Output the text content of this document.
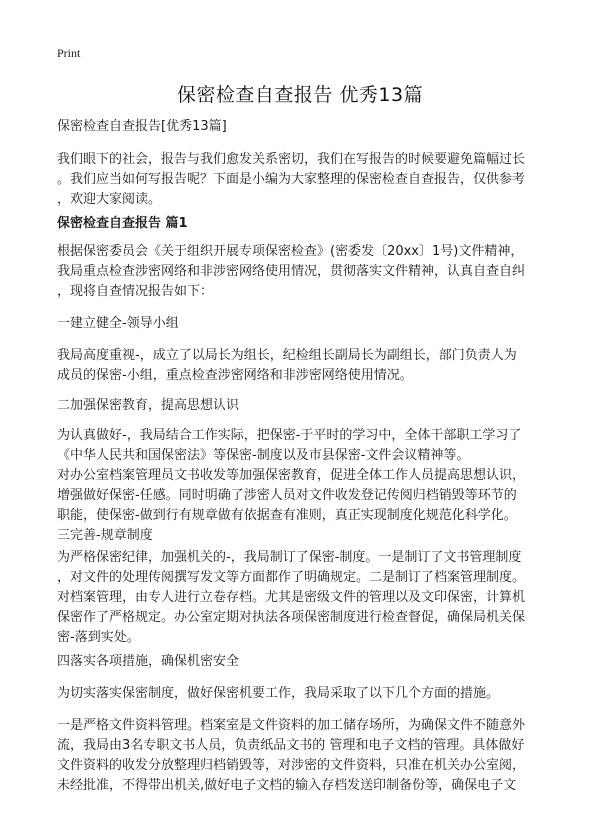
Print
保密检查自查报告 优秀13篇
保密检查自查报告[优秀13篇]
我们眼下的社会，报告与我们愈发关系密切，我们在写报告的时候要避免篇幅过长
。我们应当如何写报告呢？下面是小编为大家整理的保密检查自查报告，仅供参考
，欢迎大家阅读。
保密检查自查报告 篇1
根据保密委员会《关于组织开展专项保密检查》(密委发〔20xx〕1号)文件精神，
我局重点检查涉密网络和非涉密网络使用情况，贯彻落实文件精神，认真自查自纠
，现将自查情况报告如下：
一建立健全-领导小组
我局高度重视-，成立了以局长为组长，纪检组长副局长为副组长，部门负责人为
成员的保密-小组，重点检查涉密网络和非涉密网络使用情况。
二加强保密教育，提高思想认识
为认真做好-，我局结合工作实际，把保密-于平时的学习中，全体干部职工学习了
《中华人民共和国保密法》等保密-制度以及市县保密-文件会议精神等。
对办公室档案管理员文书收发等加强保密教育，促进全体工作人员提高思想认识，
增强做好保密-任感。同时明确了涉密人员对文件收发登记传阅归档销毁等环节的
职能，使保密-做到行有规章做有依据查有准则，真正实现制度化规范化科学化。
三完善-规章制度
为严格保密纪律，加强机关的-，我局制订了保密-制度。一是制订了文书管理制度
，对文件的处理传阅撰写发文等方面都作了明确规定。二是制订了档案管理制度。
对档案管理，由专人进行立卷存档。尤其是密级文件的管理以及文印保密，计算机
保密作了严格规定。办公室定期对执法各项保密制度进行检查督促，确保局机关保
密-落到实处。
四落实各项措施，确保机密安全
为切实落实保密制度，做好保密机要工作，我局采取了以下几个方面的措施。
一是严格文件资料管理。档案室是文件资料的加工储存场所，为确保文件不随意外
流，我局由3名专职文书人员，负责纸品文书的 管理和电子文档的管理。具体做好
文件资料的收发分放整理归档销毁等，对涉密的文件资料，只准在机关办公室阅，
未经批准，不得带出机关,做好电子文档的输入存档发送印制备份等，确保电子文
